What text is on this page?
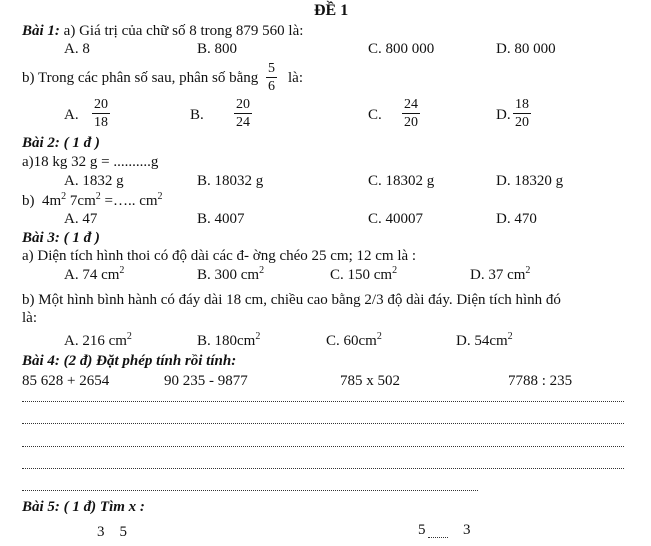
ĐỀ 1
Bài 1: a) Giá trị của chữ số 8 trong 879 560 là:
A. 8	B. 800	C. 800 000	D. 80 000
b) Trong các phân số sau, phân số bằng $\frac{5}{6}$ là:
A. $\frac{20}{18}$	B. $\frac{20}{24}$	C. $\frac{24}{20}$	D. $\frac{18}{20}$
Bài 2: ( 1 đ )
a)18 kg 32 g = ..........g
A. 1832 g	B. 18032 g	C. 18302 g	D. 18320 g
b) $4m^2$ $7cm^2$ =….. $cm^2$
A. 47	B. 4007	C. 40007	D. 470
Bài 3: ( 1 đ )
a) Diện tích hình thoi có độ dài các đ- ờng chéo 25 cm; 12 cm là :
A. 74 $cm^2$	B. 300 $cm^2$	C. 150 $cm^2$	D. 37 $cm^2$
b) Một hình bình hành có đáy dài 18 cm, chiều cao bằng 2/3 độ dài đáy. Diện tích hình đó
là:
A. 216 $cm^2$	B. $180cm^2$	C. $60cm^2$	D. $54cm^2$
Bài 4: (2 đ) Đặt phép tính rồi tính:
85 628 + 2654	90 235 - 9877	785 x 502	7788 : 235
Bài 5: ( 1 đ) Tìm x :
3    5	5	3
